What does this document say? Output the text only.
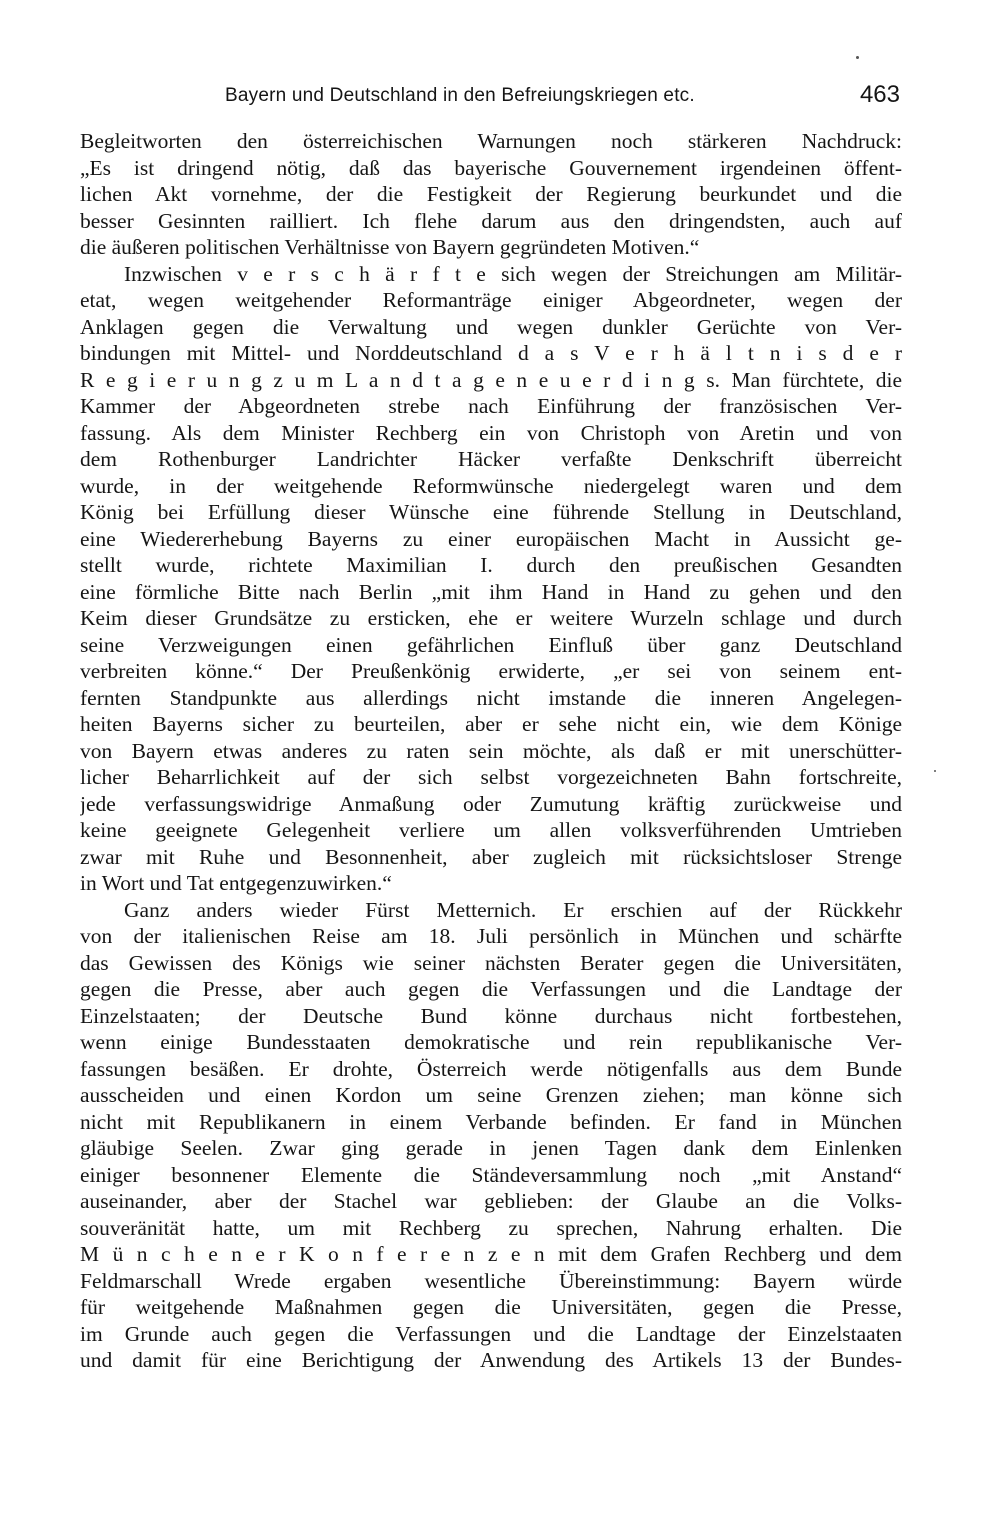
Bayern und Deutschland in den Befreiungskriegen etc.	463
Begleitworten den österreichischen Warnungen noch stärkeren Nachdruck:
„Es ist dringend nötig, daß das bayerische Gouvernement irgendeinen öffent-
lichen Akt vornehme, der die Festigkeit der Regierung beurkundet und die
besser Gesinnten railliert. Ich flehe darum aus den dringendsten, auch auf
die äußeren politischen Verhältnisse von Bayern gegründeten Motiven.“
Inzwischen v e r s c h ä r f t e sich wegen der Streichungen am Militär-
etat, wegen weitgehender Reformanträge einiger Abgeordneter, wegen der
Anklagen gegen die Verwaltung und wegen dunkler Gerüchte von Ver-
bindungen mit Mittel- und Norddeutschland d a s V e r h ä l t n i s d e r
R e g i e r u n g z u m L a n d t a g e n e u e r d i n g s. Man fürchtete, die
Kammer der Abgeordneten strebe nach Einführung der französischen Ver-
fassung. Als dem Minister Rechberg ein von Christoph von Aretin und von
dem Rothenburger Landrichter Häcker verfaßte Denkschrift überreicht
wurde, in der weitgehende Reformwünsche niedergelegt waren und dem
König bei Erfüllung dieser Wünsche eine führende Stellung in Deutschland,
eine Wiedererhebung Bayerns zu einer europäischen Macht in Aussicht ge-
stellt wurde, richtete Maximilian I. durch den preußischen Gesandten
eine förmliche Bitte nach Berlin „mit ihm Hand in Hand zu gehen und den
Keim dieser Grundsätze zu ersticken, ehe er weitere Wurzeln schlage und durch
seine Verzweigungen einen gefährlichen Einfluß über ganz Deutschland
verbreiten könne.“ Der Preußenkönig erwiderte, „er sei von seinem ent-
fernten Standpunkte aus allerdings nicht imstande die inneren Angelegen-
heiten Bayerns sicher zu beurteilen, aber er sehe nicht ein, wie dem Könige
von Bayern etwas anderes zu raten sein möchte, als daß er mit unerschütter-
licher Beharrlichkeit auf der sich selbst vorgezeichneten Bahn fortschreite,
jede verfassungswidrige Anmaßung oder Zumutung kräftig zurückweise und
keine geeignete Gelegenheit verliere um allen volksverführenden Umtrieben
zwar mit Ruhe und Besonnenheit, aber zugleich mit rücksichtsloser Strenge
in Wort und Tat entgegenzuwirken.“
Ganz anders wieder Fürst Metternich. Er erschien auf der Rückkehr
von der italienischen Reise am 18. Juli persönlich in München und schärfte
das Gewissen des Königs wie seiner nächsten Berater gegen die Universitäten,
gegen die Presse, aber auch gegen die Verfassungen und die Landtage der
Einzelstaaten; der Deutsche Bund könne durchaus nicht fortbestehen,
wenn einige Bundesstaaten demokratische und rein republikanische Ver-
fassungen besäßen. Er drohte, Österreich werde nötigenfalls aus dem Bunde
ausscheiden und einen Kordon um seine Grenzen ziehen; man könne sich
nicht mit Republikanern in einem Verbande befinden. Er fand in München
gläubige Seelen. Zwar ging gerade in jenen Tagen dank dem Einlenken
einiger besonnener Elemente die Ständeversammlung noch „mit Anstand“
auseinander, aber der Stachel war geblieben: der Glaube an die Volks-
souveränität hatte, um mit Rechberg zu sprechen, Nahrung erhalten. Die
M ü n c h e n e r K o n f e r e n z e n mit dem Grafen Rechberg und dem
Feldmarschall Wrede ergaben wesentliche Übereinstimmung: Bayern würde
für weitgehende Maßnahmen gegen die Universitäten, gegen die Presse,
im Grunde auch gegen die Verfassungen und die Landtage der Einzelstaaten
und damit für eine Berichtigung der Anwendung des Artikels 13 der Bundes-
